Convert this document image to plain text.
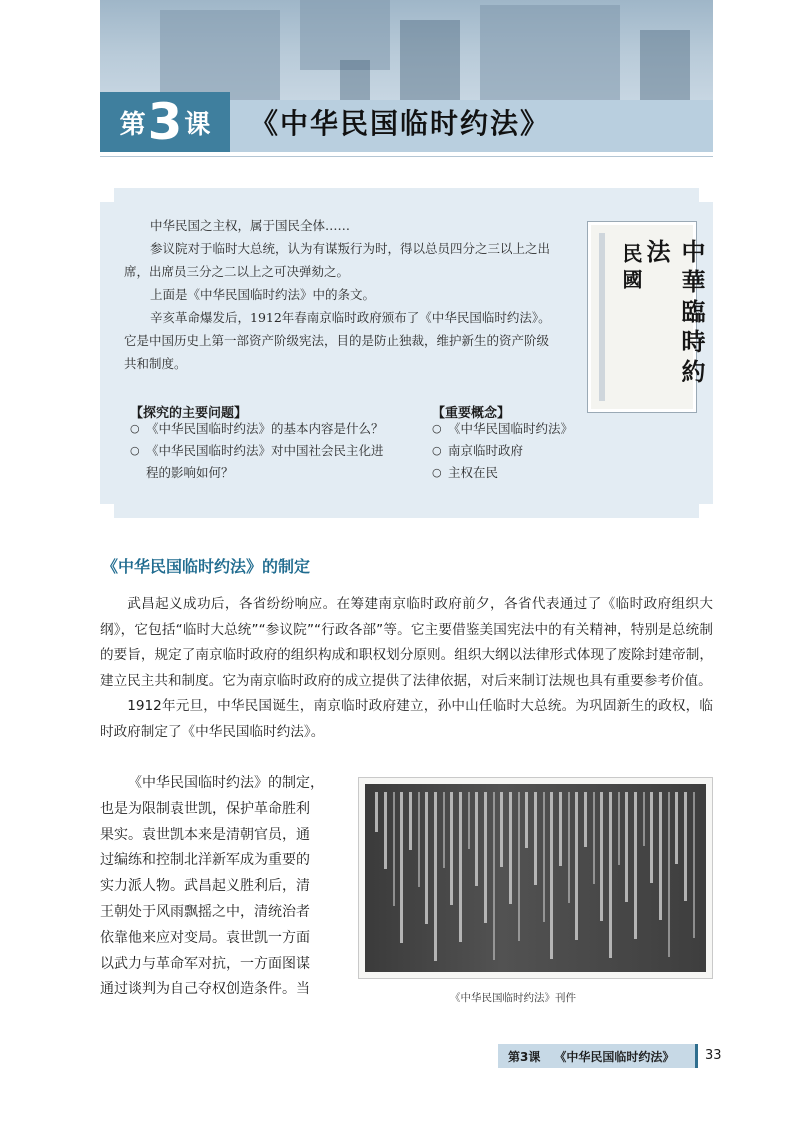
第 3 课 《中华民国临时约法》

中华民国之主权，属于国民全体……

参议院对于临时大总统，认为有谋叛行为时，得以总员四分之三以上之出

席，出席员三分之二以上之可决弹劾之。

上面是《中华民国临时约法》中的条文。

辛亥革命爆发后，1912年春南京临时政府颁布了《中华民国临时约法》。

它是中国历史上第一部资产阶级宪法，目的是防止独裁，维护新生的资产阶级

共和制度。	中華臨時約法
民國
【探究的主要问题】
○ 《中华民国临时约法》的基本内容是什么？
○ 《中华民国临时约法》对中国社会民主化进
程的影响如何？
【重要概念】
○ 《中华民国临时约法》
○ 南京临时政府
○ 主权在民
《中华民国临时约法》的制定

武昌起义成功后，各省纷纷响应。在筹建南京临时政府前夕，各省代表通过了《临时政府组织大纲》，它包括“临时大总统”“参议院”“行政各部”等。它主要借鉴美国宪法中的有关精神，特别是总统制的要旨，规定了南京临时政府的组织构成和职权划分原则。组织大纲以法律形式体现了废除封建帝制，建立民主共和制度。它为南京临时政府的成立提供了法律依据，对后来制订法规也具有重要参考价值。

1912年元旦，中华民国诞生，南京临时政府建立，孙中山任临时大总统。为巩固新生的政权，临时政府制定了《中华民国临时约法》。

《中华民国临时约法》的制定，
也是为限制袁世凯，保护革命胜利
果实。袁世凯本来是清朝官员，通
过编练和控制北洋新军成为重要的
实力派人物。武昌起义胜利后，清
王朝处于风雨飘摇之中，清统治者
依靠他来应对变局。袁世凯一方面
以武力与革命军对抗，一方面图谋
通过谈判为自己夺权创造条件。当
《中华民国临时约法》刊件
第3课 《中华民国临时约法》 33
